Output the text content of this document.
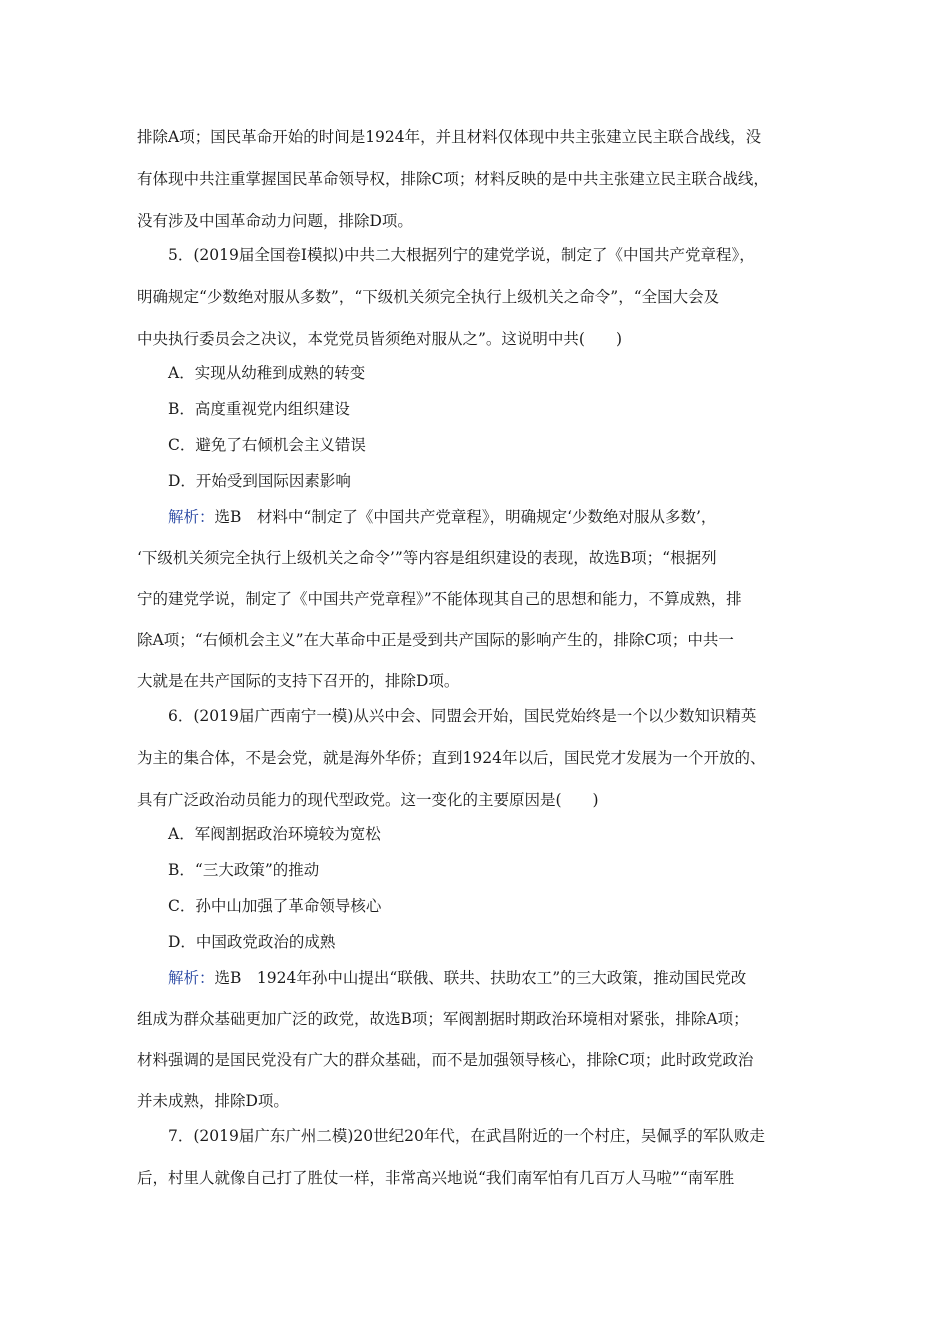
排除A项；国民革命开始的时间是1924年，并且材料仅体现中共主张建立民主联合战线，没
有体现中共注重掌握国民革命领导权，排除C项；材料反映的是中共主张建立民主联合战线，
没有涉及中国革命动力问题，排除D项。
5．(2019届全国卷Ⅰ模拟)中共二大根据列宁的建党学说，制定了《中国共产党章程》，
明确规定“少数绝对服从多数”，“下级机关须完全执行上级机关之命令”，“全国大会及
中央执行委员会之决议，本党党员皆须绝对服从之”。这说明中共(　　)
A．实现从幼稚到成熟的转变
B．高度重视党内组织建设
C．避免了右倾机会主义错误
D．开始受到国际因素影响
解析：选B　材料中“制定了《中国共产党章程》，明确规定‘少数绝对服从多数’，
‘下级机关须完全执行上级机关之命令’”等内容是组织建设的表现，故选B项；“根据列
宁的建党学说，制定了《中国共产党章程》”不能体现其自己的思想和能力，不算成熟，排
除A项；“右倾机会主义”在大革命中正是受到共产国际的影响产生的，排除C项；中共一
大就是在共产国际的支持下召开的，排除D项。
6．(2019届广西南宁一模)从兴中会、同盟会开始，国民党始终是一个以少数知识精英
为主的集合体，不是会党，就是海外华侨；直到1924年以后，国民党才发展为一个开放的、
具有广泛政治动员能力的现代型政党。这一变化的主要原因是(　　)
A．军阀割据政治环境较为宽松
B．“三大政策”的推动
C．孙中山加强了革命领导核心
D．中国政党政治的成熟
解析：选B　1924年孙中山提出“联俄、联共、扶助农工”的三大政策，推动国民党改
组成为群众基础更加广泛的政党，故选B项；军阀割据时期政治环境相对紧张，排除A项；
材料强调的是国民党没有广大的群众基础，而不是加强领导核心，排除C项；此时政党政治
并未成熟，排除D项。
7．(2019届广东广州二模)20世纪20年代，在武昌附近的一个村庄，吴佩孚的军队败走
后，村里人就像自己打了胜仗一样，非常高兴地说“我们南军怕有几百万人马啦”“南军胜
